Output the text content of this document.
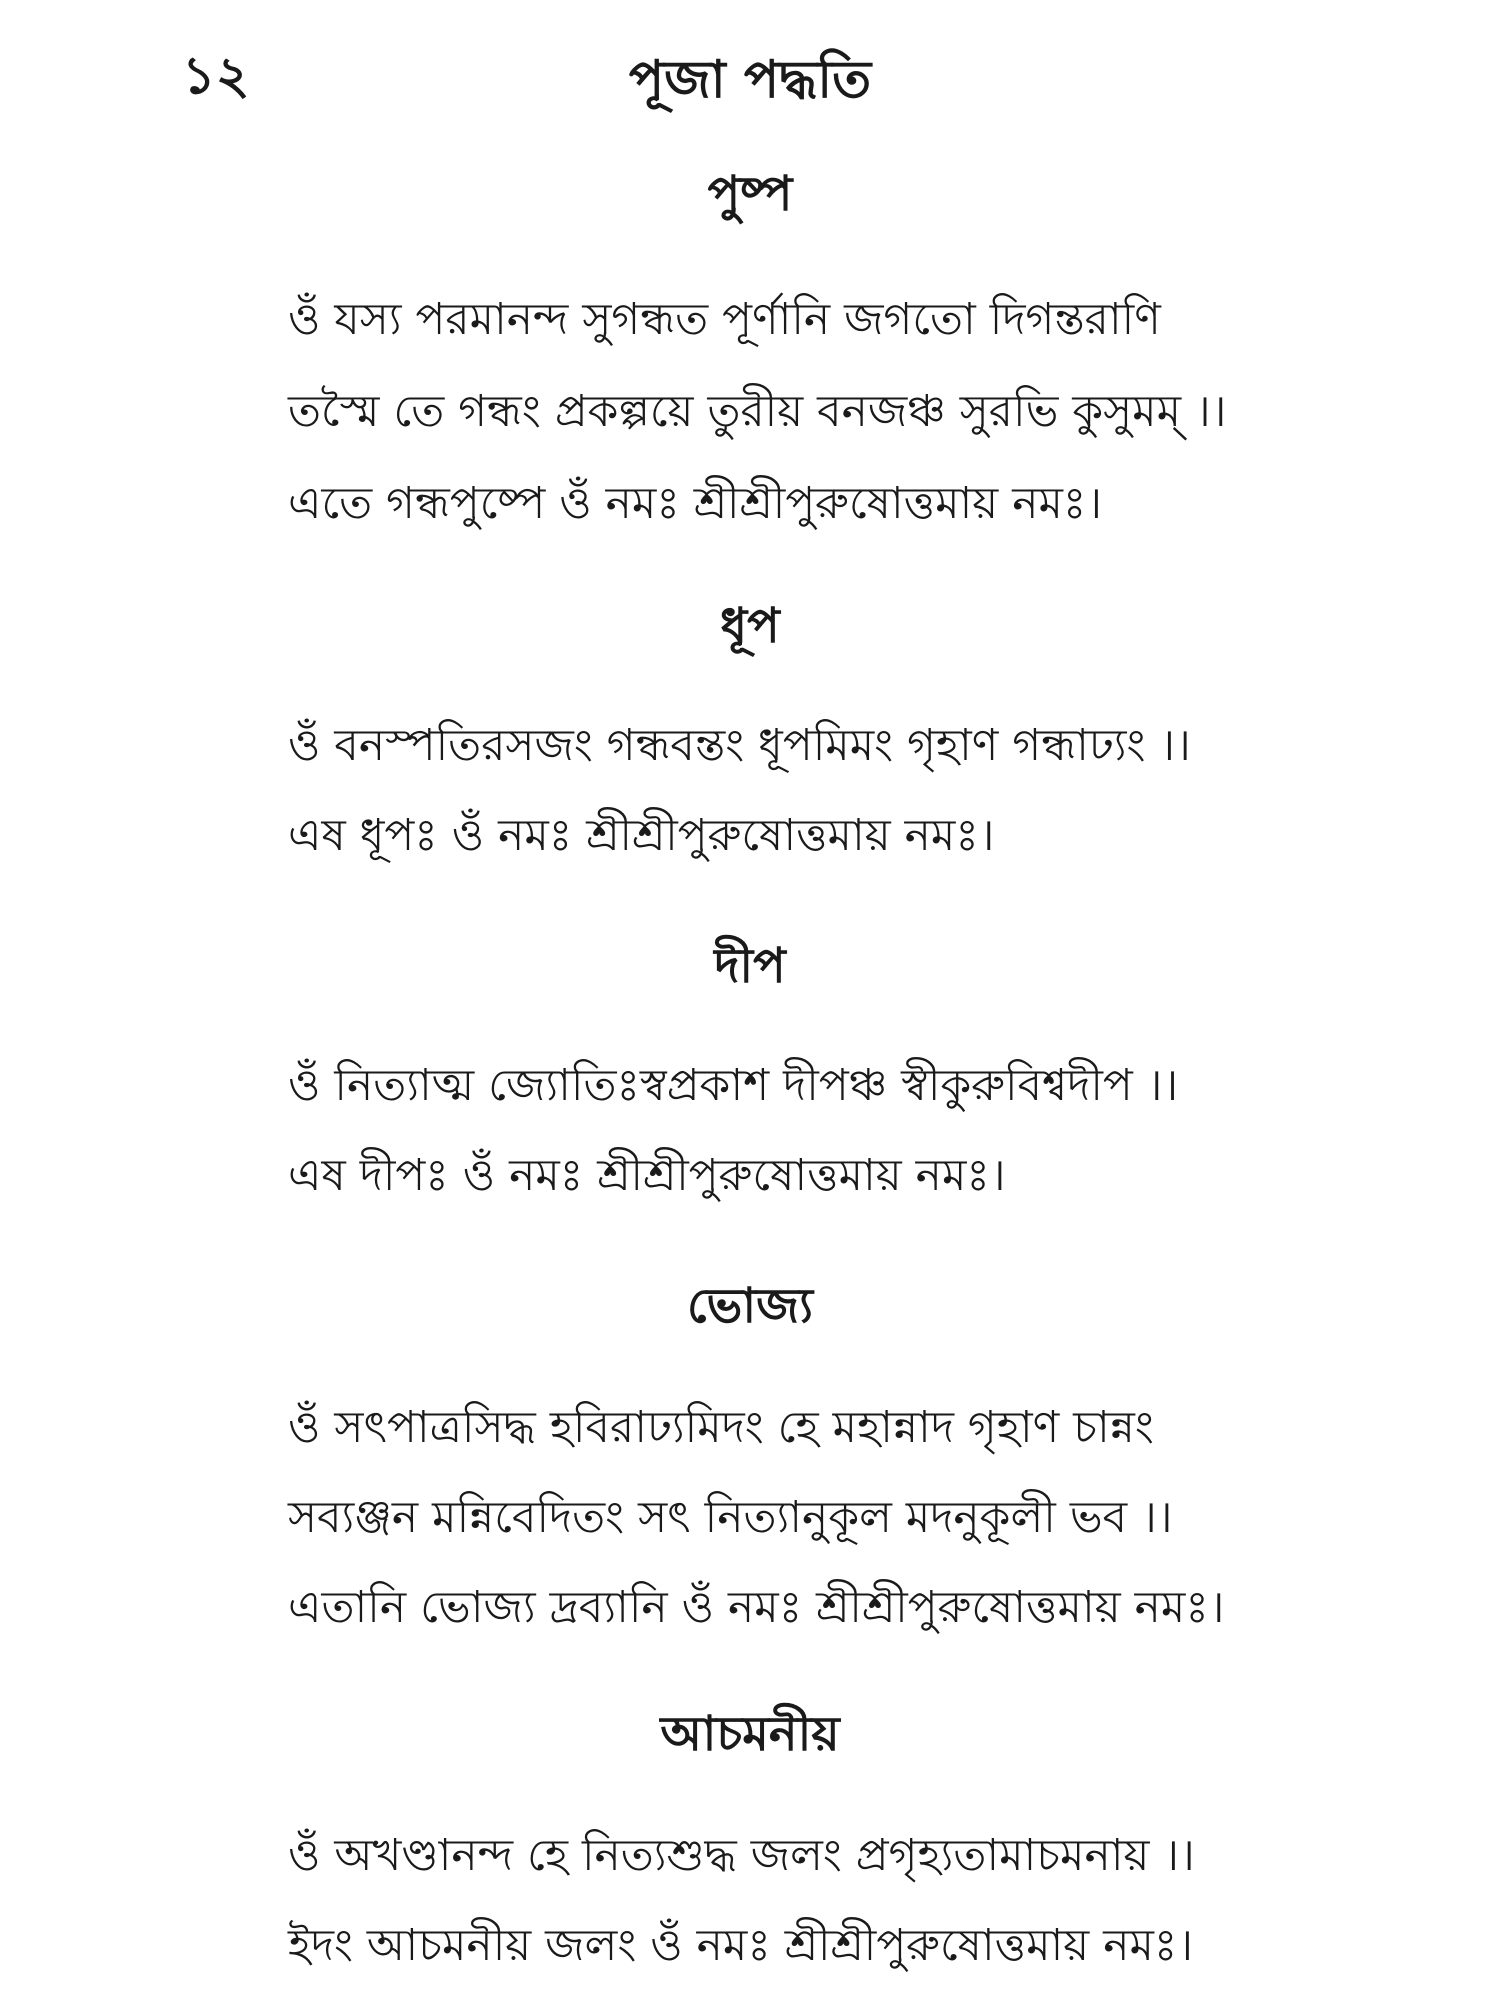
১২	পূজা পদ্ধতি
পুষ্প
ওঁ যস্য পরমানন্দ সুগন্ধত পূর্ণানি জগতো দিগন্তরাণি
তস্মৈ তে গন্ধং প্রকল্পয়ে তুরীয় বনজঞ্চ সুরভি কুসুমম্ ।।
এতে গন্ধপুষ্পে ওঁ নমঃ শ্রীশ্রীপুরুষোত্তমায় নমঃ।
ধূপ
ওঁ বনস্পতিরসজং গন্ধবন্তং ধূপমিমং গৃহাণ গন্ধাঢ্যং ।।
এষ ধূপঃ ওঁ নমঃ শ্রীশ্রীপুরুষোত্তমায় নমঃ।
দীপ
ওঁ নিত্যাত্ম জ্যোতিঃস্বপ্রকাশ দীপঞ্চ স্বীকুরুবিশ্বদীপ ।।
এষ দীপঃ ওঁ নমঃ শ্রীশ্রীপুরুষোত্তমায় নমঃ।
ভোজ্য
ওঁ সৎপাত্রসিদ্ধ হবিরাঢ্যমিদং হে মহান্নাদ গৃহাণ চান্নং
সব্যঞ্জন মন্নিবেদিতং সৎ নিত্যানুকূল মদনুকূলী ভব ।।
এতানি ভোজ্য দ্রব্যানি ওঁ নমঃ শ্রীশ্রীপুরুষোত্তমায় নমঃ।
আচমনীয়
ওঁ অখণ্ডানন্দ হে নিত্যশুদ্ধ জলং প্রগৃহ্যতামাচমনায় ।।
ইদং আচমনীয় জলং ওঁ নমঃ শ্রীশ্রীপুরুষোত্তমায় নমঃ।
